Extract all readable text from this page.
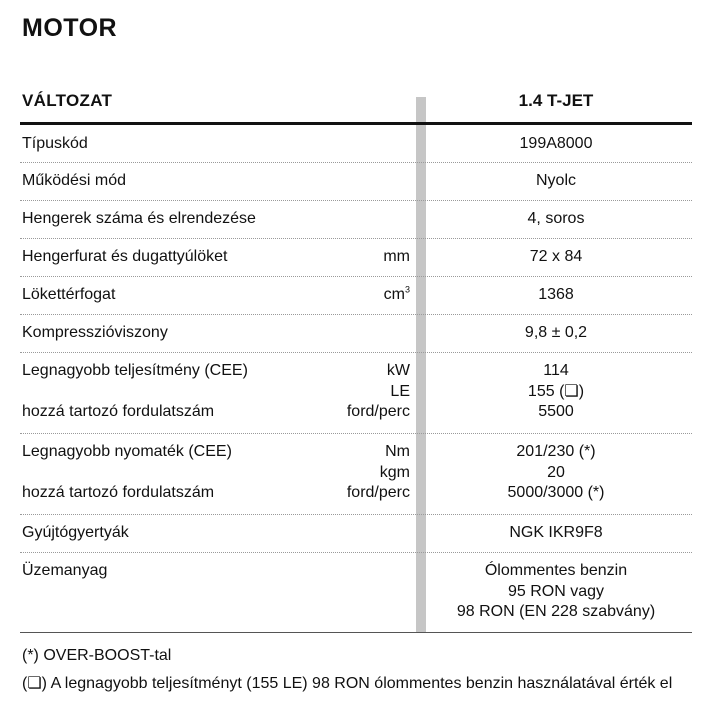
MOTOR
VÁLTOZAT	1.4 T-JET
Típuskód	199A8000
Működési mód	Nyolc
Hengerek száma és elrendezése	4, soros
Hengerfurat és dugattyúlöket	mm	72 x 84
Lökettérfogat	$cm^3$	1368
Kompresszióviszony	9,8 ± 0,2
Legnagyobb teljesítmény (CEE)	kW	114
LE	155 (❏)
hozzá tartozó fordulatszám	ford/perc	5500
Legnagyobb nyomaték (CEE)	Nm	201/230 (*)
kgm	20
hozzá tartozó fordulatszám	ford/perc	5000/3000 (*)
Gyújtógyertyák	NGK IKR9F8
Üzemanyag	Ólommentes benzin
95 RON vagy
98 RON (EN 228 szabvány)
(*) OVER-BOOST-tal
(❏) A legnagyobb teljesítményt (155 LE) 98 RON ólommentes benzin használatával érték el
